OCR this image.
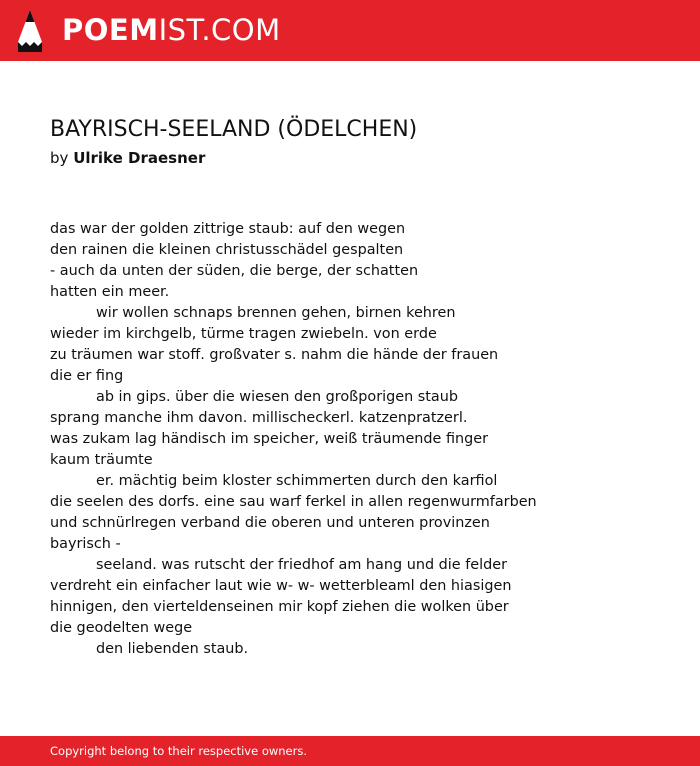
POEMIST.COM
BAYRISCH-SEELAND (ÖDELCHEN)
by Ulrike Draesner
das war der golden zittrige staub: auf den wegen
den rainen die kleinen christusschädel gespalten
- auch da unten der süden, die berge, der schatten
hatten ein meer.
wir wollen schnaps brennen gehen, birnen kehren
wieder im kirchgelb, türme tragen zwiebeln. von erde
zu träumen war stoff. großvater s. nahm die hände der frauen
die er fing
ab in gips. über die wiesen den großporigen staub
sprang manche ihm davon. millischeckerl. katzenpratzerl.
was zukam lag händisch im speicher, weiß träumende finger
kaum träumte
er. mächtig beim kloster schimmerten durch den karfiol
die seelen des dorfs. eine sau warf ferkel in allen regenwurmfarben
und schnürlregen verband die oberen und unteren provinzen
bayrisch -
seeland. was rutscht der friedhof am hang und die felder
verdreht ein einfacher laut wie w- w- wetterbleaml den hiasigen
hinnigen, den vierteldenseinen mir kopf ziehen die wolken über
die geodelten wege
den liebenden staub.
Copyright belong to their respective owners.
